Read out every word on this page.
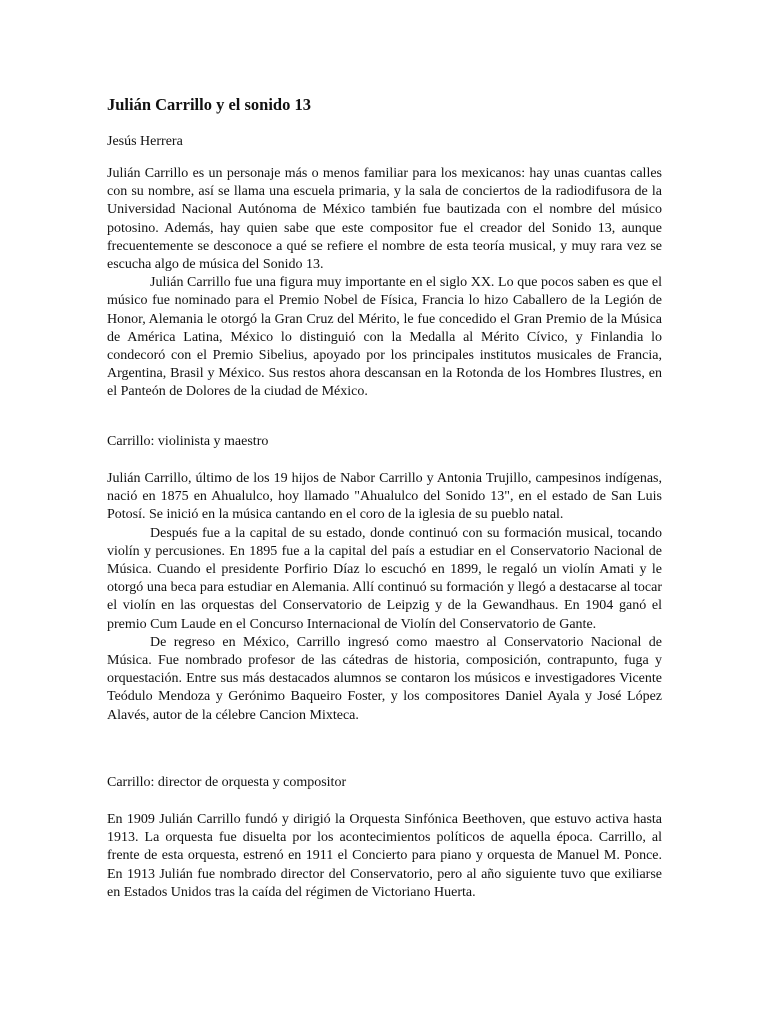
Julián Carrillo y el sonido 13

Jesús Herrera

Julián Carrillo es un personaje más o menos familiar para los mexicanos: hay unas cuantas calles con su nombre, así se llama una escuela primaria, y la sala de conciertos de la radiodifusora de la Universidad Nacional Autónoma de México también fue bautizada con el nombre del músico potosino. Además, hay quien sabe que este compositor fue el creador del Sonido 13, aunque frecuentemente se desconoce a qué se refiere el nombre de esta teoría musical, y muy rara vez se escucha algo de música del Sonido 13.

Julián Carrillo fue una figura muy importante en el siglo XX. Lo que pocos saben es que el músico fue nominado para el Premio Nobel de Física, Francia lo hizo Caballero de la Legión de Honor, Alemania le otorgó la Gran Cruz del Mérito, le fue concedido el Gran Premio de la Música de América Latina, México lo distinguió con la Medalla al Mérito Cívico, y Finlandia lo condecoró con el Premio Sibelius, apoyado por los principales institutos musicales de Francia, Argentina, Brasil y México. Sus restos ahora descansan en la Rotonda de los Hombres Ilustres, en el Panteón de Dolores de la ciudad de México.

Carrillo: violinista y maestro

Julián Carrillo, último de los 19 hijos de Nabor Carrillo y Antonia Trujillo, campesinos indígenas, nació en 1875 en Ahualulco, hoy llamado "Ahualulco del Sonido 13", en el estado de San Luis Potosí. Se inició en la música cantando en el coro de la iglesia de su pueblo natal.

Después fue a la capital de su estado, donde continuó con su formación musical, tocando violín y percusiones. En 1895 fue a la capital del país a estudiar en el Conservatorio Nacional de Música. Cuando el presidente Porfirio Díaz lo escuchó en 1899, le regaló un violín Amati y le otorgó una beca para estudiar en Alemania. Allí continuó su formación y llegó a destacarse al tocar el violín en las orquestas del Conservatorio de Leipzig y de la Gewandhaus. En 1904 ganó el premio Cum Laude en el Concurso Internacional de Violín del Conservatorio de Gante.

De regreso en México, Carrillo ingresó como maestro al Conservatorio Nacional de Música. Fue nombrado profesor de las cátedras de historia, composición, contrapunto, fuga y orquestación. Entre sus más destacados alumnos se contaron los músicos e investigadores Vicente Teódulo Mendoza y Gerónimo Baqueiro Foster, y los compositores Daniel Ayala y José López Alavés, autor de la célebre Cancion Mixteca.

Carrillo: director de orquesta y compositor

En 1909 Julián Carrillo fundó y dirigió la Orquesta Sinfónica Beethoven, que estuvo activa hasta 1913. La orquesta fue disuelta por los acontecimientos políticos de aquella época. Carrillo, al frente de esta orquesta, estrenó en 1911 el Concierto para piano y orquesta de Manuel M. Ponce. En 1913 Julián fue nombrado director del Conservatorio, pero al año siguiente tuvo que exiliarse en Estados Unidos tras la caída del régimen de Victoriano Huerta.
